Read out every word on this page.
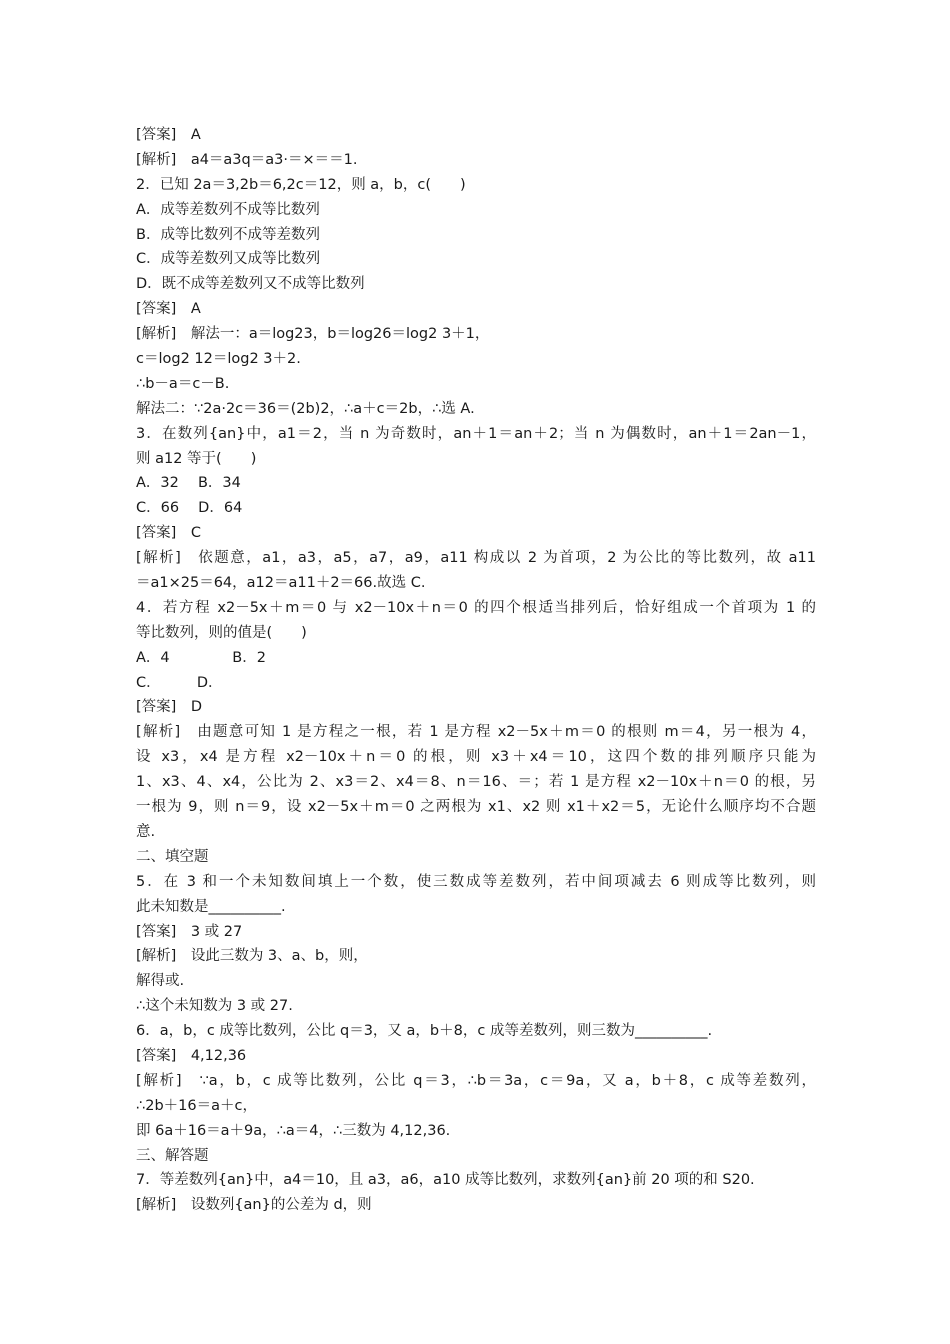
[答案]　A
[解析]　a4＝a3q＝a3·＝×＝＝1.
2．已知 2a＝3,2b＝6,2c＝12，则 a，b，c(　　)
A．成等差数列不成等比数列
B．成等比数列不成等差数列
C．成等差数列又成等比数列
D．既不成等差数列又不成等比数列
[答案]　A
[解析]　解法一：a＝log23，b＝log26＝log2 3＋1，
c＝log2 12＝log2 3＋2.
∴b－a＝c－B.
解法二：∵2a·2c＝36＝(2b)2，∴a＋c＝2b，∴选 A.
3．在数列{an}中，a1＝2，当 n 为奇数时，an＋1＝an＋2；当 n 为偶数时，an＋1＝2an－1，
则 a12 等于(　　)
A．32　 B．34
C．66　 D．64
[答案]　C
[解析]　依题意，a1，a3，a5，a7，a9，a11 构成以 2 为首项，2 为公比的等比数列，故 a11
＝a1×25＝64，a12＝a11＋2＝66.故选 C.
4．若方程 x2－5x＋m＝0 与 x2－10x＋n＝0 的四个根适当排列后，恰好组成一个首项为 1 的
等比数列，则的值是(　　)
A．4　　　　 B．2
C．　　　D．
[答案]　D
[解析]　由题意可知 1 是方程之一根，若 1 是方程 x2－5x＋m＝0 的根则 m＝4，另一根为 4，
设 x3，x4 是方程 x2－10x＋n＝0 的根，则 x3＋x4＝10，这四个数的排列顺序只能为
1、x3、4、x4，公比为 2、x3＝2、x4＝8、n＝16、＝；若 1 是方程 x2－10x＋n＝0 的根，另
一根为 9，则 n＝9，设 x2－5x＋m＝0 之两根为 x1、x2 则 x1＋x2＝5，无论什么顺序均不合题
意.
二、填空题
5．在 3 和一个未知数间填上一个数，使三数成等差数列，若中间项减去 6 则成等比数列，则
此未知数是__________.
[答案]　3 或 27
[解析]　设此三数为 3、a、b，则，
解得或.
∴这个未知数为 3 或 27.
6．a，b，c 成等比数列，公比 q＝3，又 a，b＋8，c 成等差数列，则三数为__________.
[答案]　4,12,36
[解析]　∵a，b，c 成等比数列，公比 q＝3，∴b＝3a，c＝9a，又 a，b＋8，c 成等差数列，
∴2b＋16＝a＋c，
即 6a＋16＝a＋9a，∴a＝4，∴三数为 4,12,36.
三、解答题
7．等差数列{an}中，a4＝10，且 a3，a6，a10 成等比数列，求数列{an}前 20 项的和 S20.
[解析]　设数列{an}的公差为 d，则
